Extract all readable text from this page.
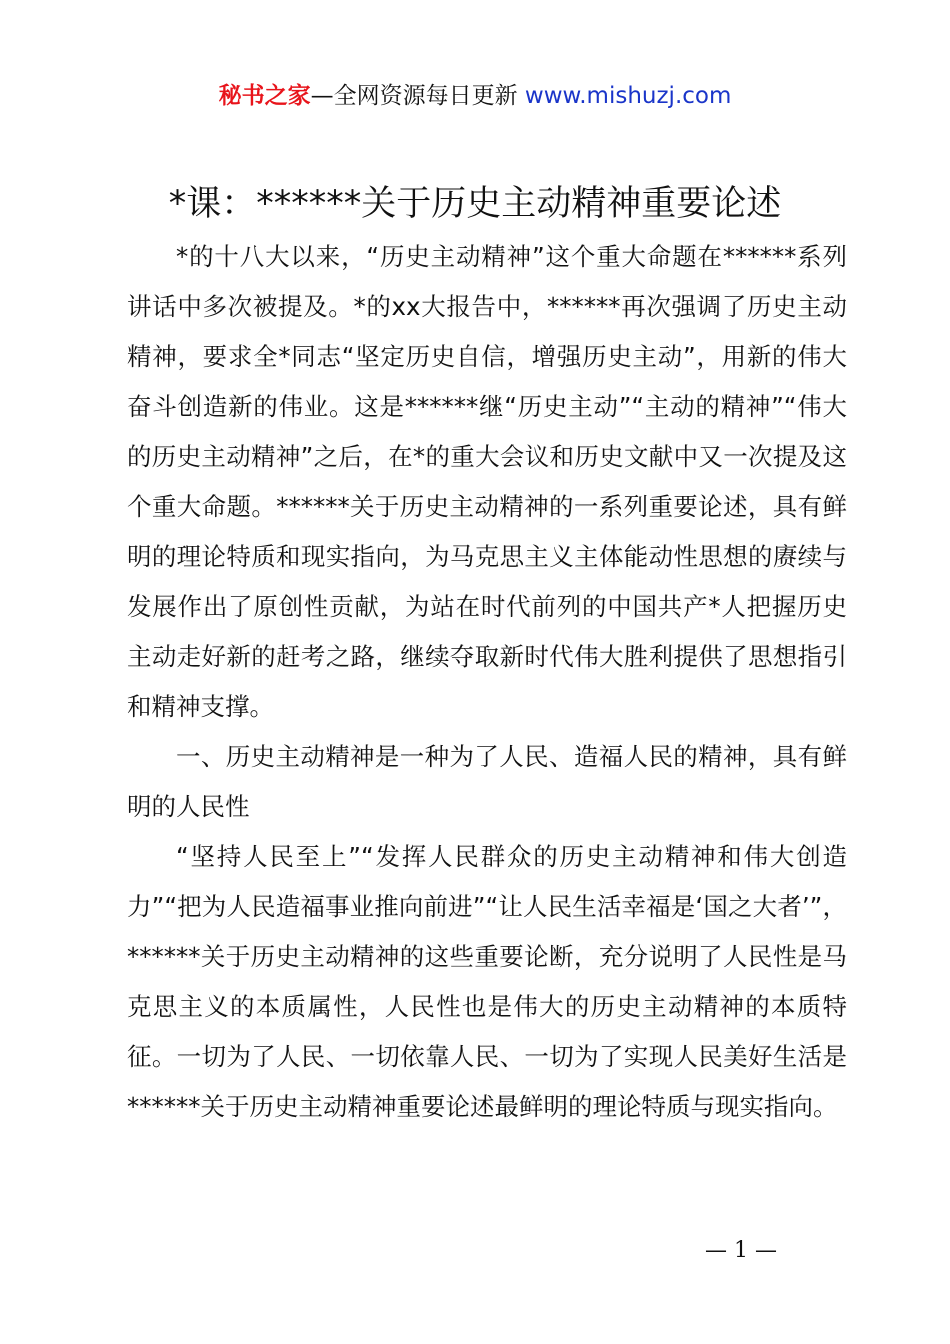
秘书之家—全网资源每日更新 www.mishuzj.com
*课：******关于历史主动精神重要论述

*的十八大以来，“历史主动精神”这个重大命题在******系列讲话中多次被提及。*的xx大报告中，******再次强调了历史主动精神，要求全*同志“坚定历史自信，增强历史主动”，用新的伟大奋斗创造新的伟业。这是******继“历史主动”“主动的精神”“伟大的历史主动精神”之后，在*的重大会议和历史文献中又一次提及这个重大命题。******关于历史主动精神的一系列重要论述，具有鲜明的理论特质和现实指向，为马克思主义主体能动性思想的赓续与发展作出了原创性贡献，为站在时代前列的中国共产*人把握历史主动走好新的赶考之路，继续夺取新时代伟大胜利提供了思想指引和精神支撑。

一、历史主动精神是一种为了人民、造福人民的精神，具有鲜明的人民性

“坚持人民至上”“发挥人民群众的历史主动精神和伟大创造力”“把为人民造福事业推向前进”“让人民生活幸福是‘国之大者’”，******关于历史主动精神的这些重要论断，充分说明了人民性是马克思主义的本质属性，人民性也是伟大的历史主动精神的本质特征。一切为了人民、一切依靠人民、一切为了实现人民美好生活是******关于历史主动精神重要论述最鲜明的理论特质与现实指向。

— 1 —
